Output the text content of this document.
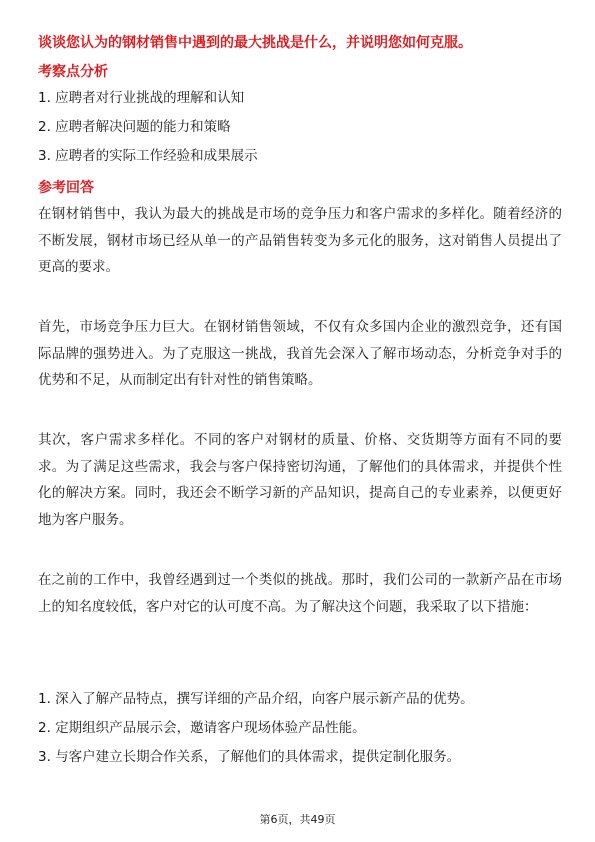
谈谈您认为的钢材销售中遇到的最大挑战是什么，并说明您如何克服。
考察点分析
1. 应聘者对行业挑战的理解和认知
2. 应聘者解决问题的能力和策略
3. 应聘者的实际工作经验和成果展示
参考回答

在钢材销售中，我认为最大的挑战是市场的竞争压力和客户需求的多样化。随着经济的不断发展，钢材市场已经从单一的产品销售转变为多元化的服务，这对销售人员提出了更高的要求。

首先，市场竞争压力巨大。在钢材销售领域，不仅有众多国内企业的激烈竞争，还有国际品牌的强势进入。为了克服这一挑战，我首先会深入了解市场动态，分析竞争对手的优势和不足，从而制定出有针对性的销售策略。

其次，客户需求多样化。不同的客户对钢材的质量、价格、交货期等方面有不同的要求。为了满足这些需求，我会与客户保持密切沟通，了解他们的具体需求，并提供个性化的解决方案。同时，我还会不断学习新的产品知识，提高自己的专业素养，以便更好地为客户服务。

在之前的工作中，我曾经遇到过一个类似的挑战。那时，我们公司的一款新产品在市场上的知名度较低，客户对它的认可度不高。为了解决这个问题，我采取了以下措施：

1. 深入了解产品特点，撰写详细的产品介绍，向客户展示新产品的优势。
2. 定期组织产品展示会，邀请客户现场体验产品性能。
3. 与客户建立长期合作关系，了解他们的具体需求，提供定制化服务。
第6页，共49页
